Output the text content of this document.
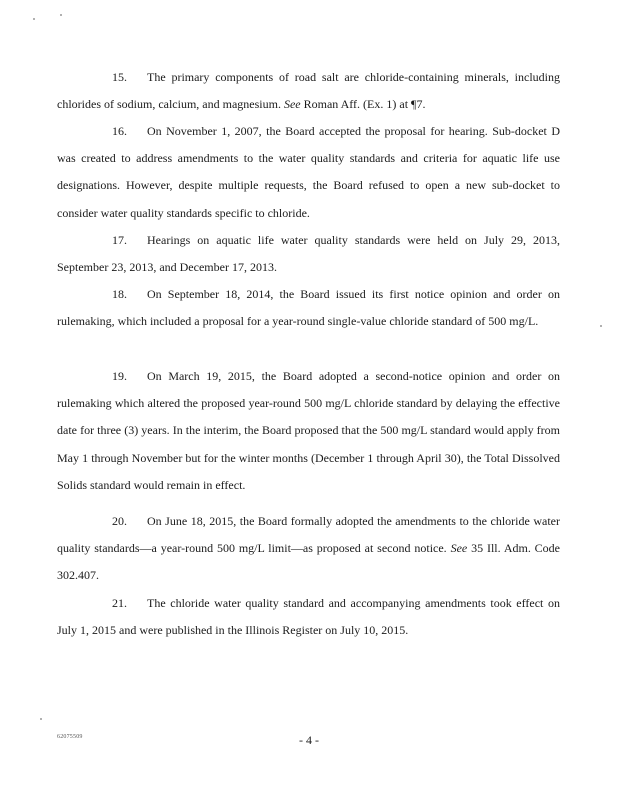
15. The primary components of road salt are chloride-containing minerals, including chlorides of sodium, calcium, and magnesium. See Roman Aff. (Ex. 1) at ¶7.

16. On November 1, 2007, the Board accepted the proposal for hearing. Sub-docket D was created to address amendments to the water quality standards and criteria for aquatic life use designations. However, despite multiple requests, the Board refused to open a new sub-docket to consider water quality standards specific to chloride.

17. Hearings on aquatic life water quality standards were held on July 29, 2013, September 23, 2013, and December 17, 2013.

18. On September 18, 2014, the Board issued its first notice opinion and order on rulemaking, which included a proposal for a year-round single-value chloride standard of 500 mg/L.

19. On March 19, 2015, the Board adopted a second-notice opinion and order on rulemaking which altered the proposed year-round 500 mg/L chloride standard by delaying the effective date for three (3) years. In the interim, the Board proposed that the 500 mg/L standard would apply from May 1 through November but for the winter months (December 1 through April 30), the Total Dissolved Solids standard would remain in effect.

20. On June 18, 2015, the Board formally adopted the amendments to the chloride water quality standards—a year-round 500 mg/L limit—as proposed at second notice. See 35 Ill. Adm. Code 302.407.

21. The chloride water quality standard and accompanying amendments took effect on July 1, 2015 and were published in the Illinois Register on July 10, 2015.

62075509	- 4 -
